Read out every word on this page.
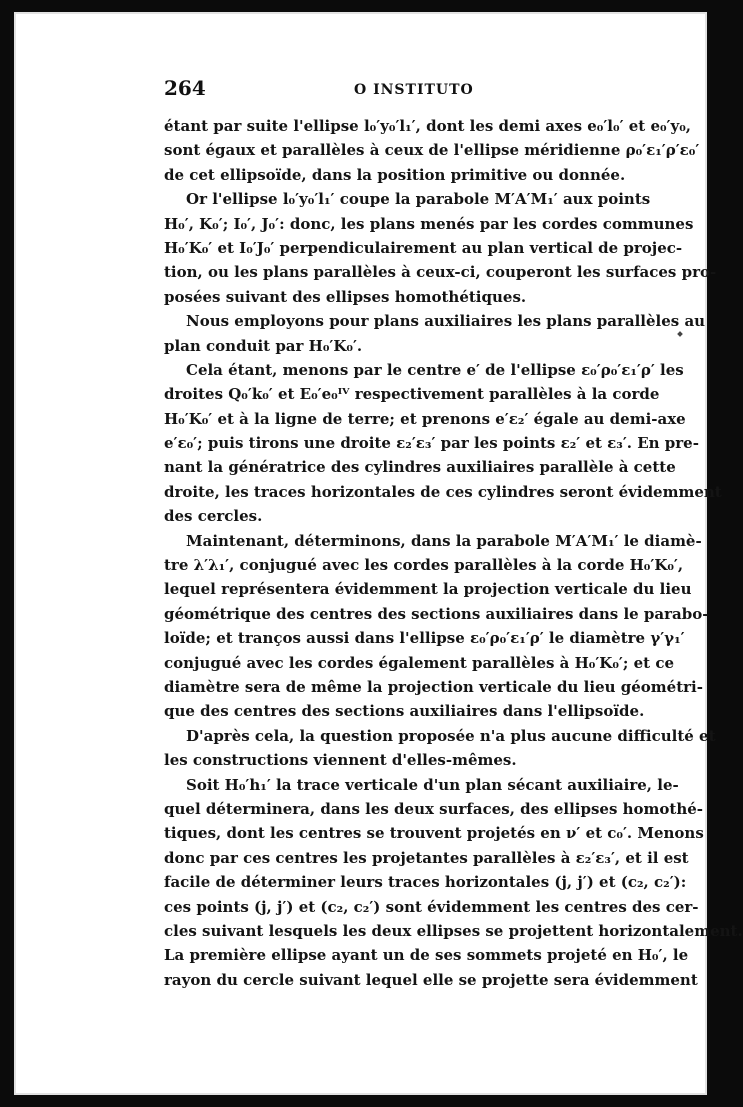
264	O INSTITUTO
étant par suite l'ellipse l₀′y₀′l₁′, dont les demi axes e₀′l₀′ et e₀′y₀,
sont égaux et parallèles à ceux de l'ellipse méridienne ρ₀′ε₁′ρ′ε₀′
de cet ellipsoïde, dans la position primitive ou donnée.
Or l'ellipse l₀′y₀′l₁′ coupe la parabole M′A′M₁′ aux points
H₀′, K₀′; I₀′, J₀′: donc, les plans menés par les cordes communes
H₀′K₀′ et I₀′J₀′ perpendiculairement au plan vertical de projec-
tion, ou les plans parallèles à ceux-ci, couperont les surfaces pro-
posées suivant des ellipses homothétiques.
Nous employons pour plans auxiliaires les plans parallèles au
plan conduit par H₀′K₀′.
Cela étant, menons par le centre e′ de l'ellipse ε₀′ρ₀′ε₁′ρ′ les
droites Q₀′k₀′ et E₀′e₀ᴵⱽ respectivement parallèles à la corde
H₀′K₀′ et à la ligne de terre; et prenons e′ε₂′ égale au demi-axe
e′ε₀′; puis tirons une droite ε₂′ε₃′ par les points ε₂′ et ε₃′. En pre-
nant la génératrice des cylindres auxiliaires parallèle à cette
droite, les traces horizontales de ces cylindres seront évidemment
des cercles.
Maintenant, déterminons, dans la parabole M′A′M₁′ le diamè-
tre λ′λ₁′, conjugué avec les cordes parallèles à la corde H₀′K₀′,
lequel représentera évidemment la projection verticale du lieu
géométrique des centres des sections auxiliaires dans le parabo-
loïde; et tranços aussi dans l'ellipse ε₀′ρ₀′ε₁′ρ′ le diamètre γ′γ₁′
conjugué avec les cordes également parallèles à H₀′K₀′; et ce
diamètre sera de même la projection verticale du lieu géométri-
que des centres des sections auxiliaires dans l'ellipsoïde.
D'après cela, la question proposée n'a plus aucune difficulté et
les constructions viennent d'elles-mêmes.
Soit H₀′h₁′ la trace verticale d'un plan sécant auxiliaire, le-
quel déterminera, dans les deux surfaces, des ellipses homothé-
tiques, dont les centres se trouvent projetés en ν′ et c₀′. Menons
donc par ces centres les projetantes parallèles à ε₂′ε₃′, et il est
facile de déterminer leurs traces horizontales (j, j′) et (c₂, c₂′):
ces points (j, j′) et (c₂, c₂′) sont évidemment les centres des cer-
cles suivant lesquels les deux ellipses se projettent horizontalement.
La première ellipse ayant un de ses sommets projeté en H₀′, le
rayon du cercle suivant lequel elle se projette sera évidemment
